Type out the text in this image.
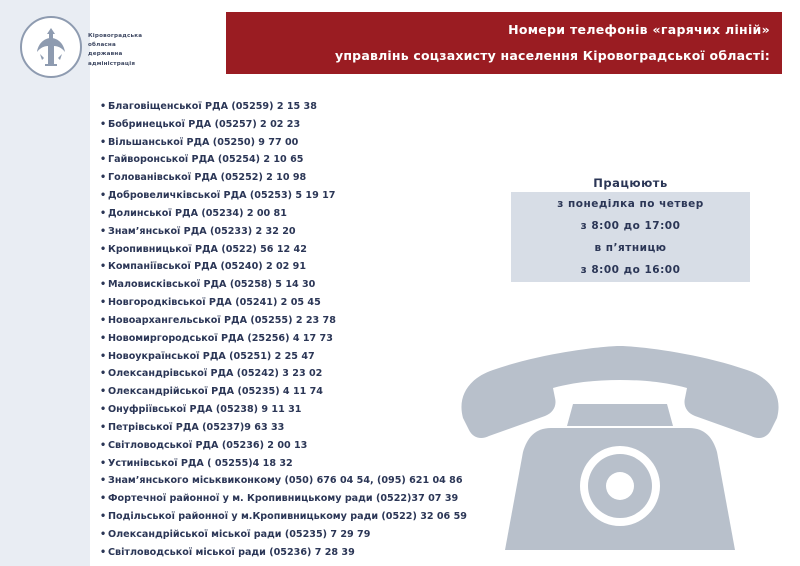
Кіровоградська
обласна
державна
адміністрація
Номери телефонів «гарячих ліній»
управлінь соцзахисту населення Кіровоградської області:
• Благовіщенської РДА (05259) 2 15 38
• Бобринецької РДА (05257) 2 02 23
• Вільшанської РДА (05250) 9 77 00
• Гайворонської РДА (05254) 2 10 65
• Голованівської РДА (05252) 2 10 98
• Добровеличківської РДА (05253) 5 19 17
• Долинської РДА (05234) 2 00 81
• Знам’янської РДА (05233) 2 32 20
• Кропивницької РДА (0522) 56 12 42
• Компаніївської РДА (05240) 2 02 91
• Маловисківської РДА (05258) 5 14 30
• Новгородківської РДА (05241) 2 05 45
• Новоархангельської РДА (05255) 2 23 78
• Новомиргородської РДА (25256) 4 17 73
• Новоукраїнської РДА (05251) 2 25 47
• Олександрівської РДА (05242) 3 23 02
• Олександрійської РДА (05235) 4 11 74
• Онуфріївської РДА (05238) 9 11 31
• Петрівської РДА (05237)9 63 33
• Світловодської РДА (05236) 2 00 13
• Устинівської РДА ( 05255)4 18 32
• Знам’янського міськвиконкому (050) 676 04 54, (095) 621 04 86
• Фортечної районної у м. Кропивницькому ради (0522)37 07 39
• Подільської районної у м.Кропивницькому ради (0522) 32 06 59
• Олександрійської міської ради (05235) 7 29 79
• Світловодської міської ради (05236) 7 28 39
Працюють
з понеділка по четвер
з 8:00 до 17:00
в п’ятницю
з 8:00 до 16:00
